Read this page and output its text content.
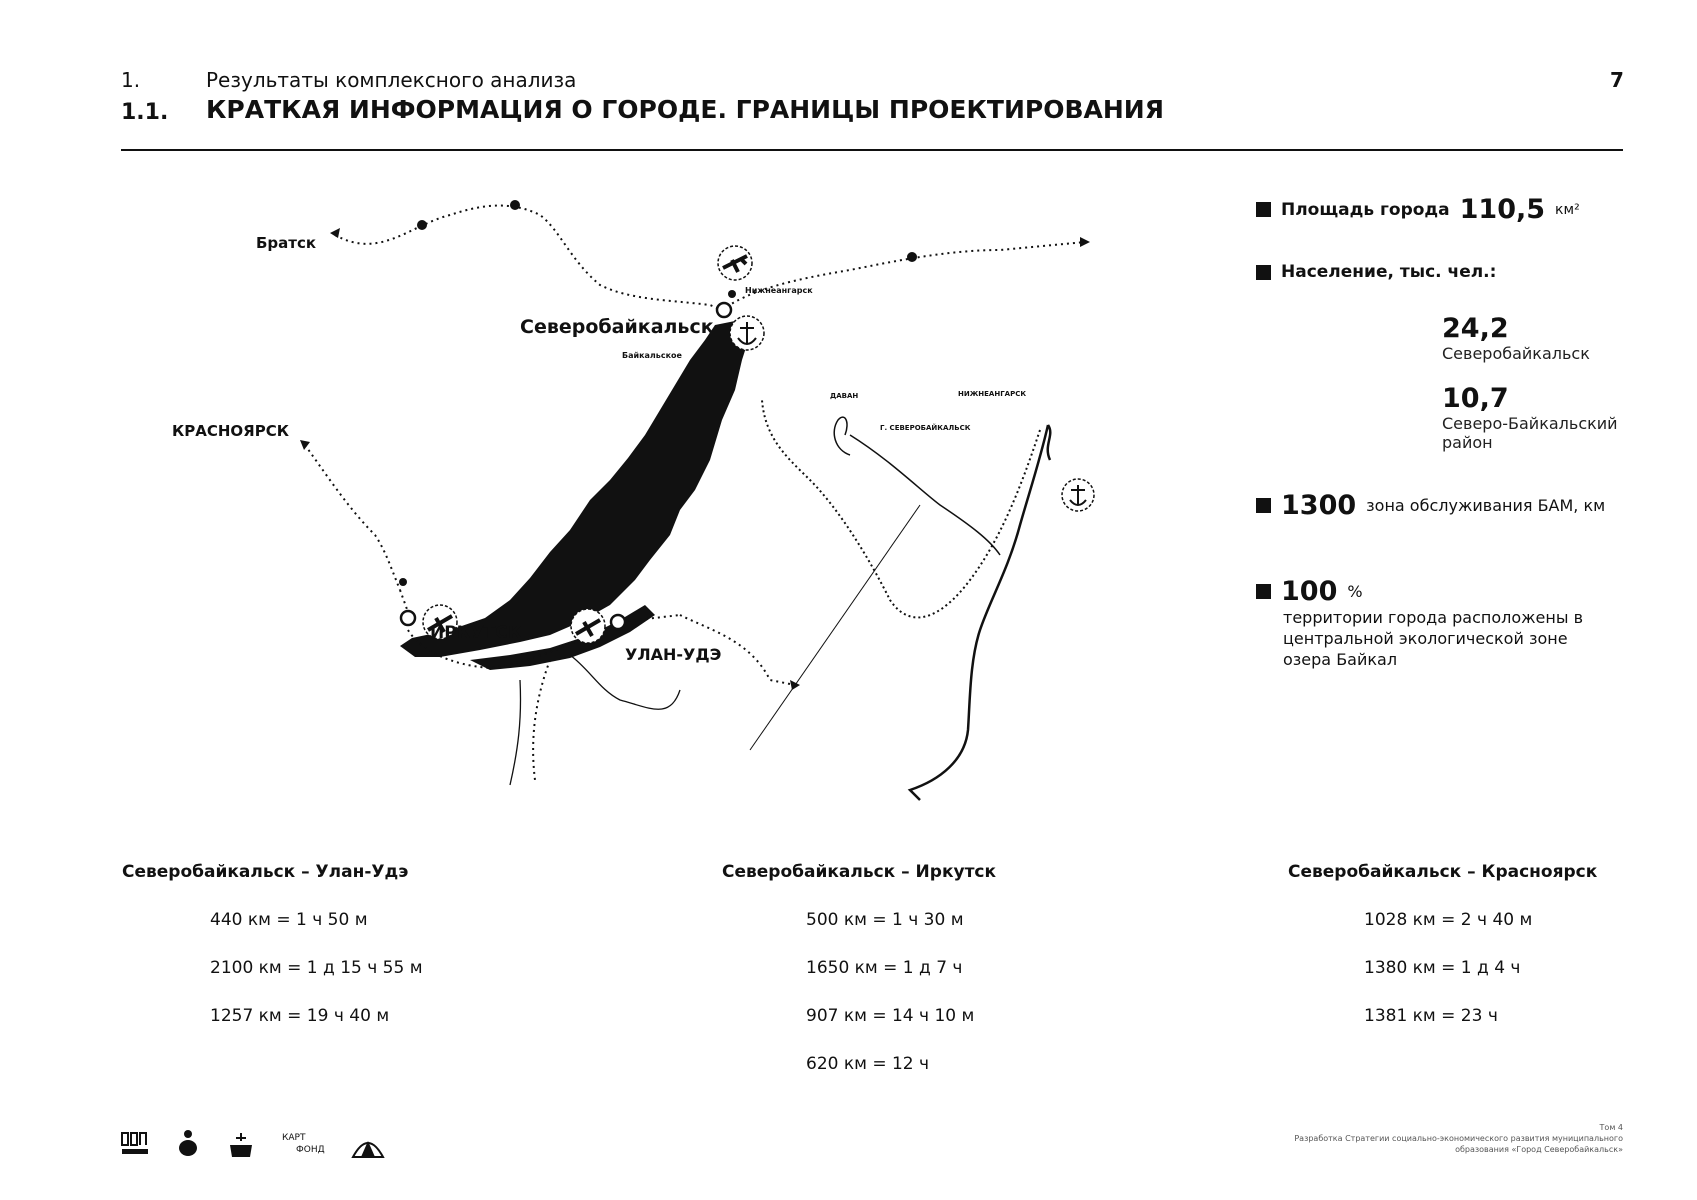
1.	Результаты комплексного анализа
1.1. КРАТКАЯ ИНФОРМАЦИЯ О ГОРОДЕ. ГРАНИЦЫ ПРОЕКТИРОВАНИЯ
7
Братск
Северобайкальск
Нижнеангарск
Байкальское
КРАСНОЯРСК
ИРКУТСК
УЛАН-УДЭ
ДАВАН	НИЖНЕАНГАРСК
Г. СЕВЕРОБАЙКАЛЬСК
Площадь города 110,5 км²
Население, тыс. чел.:
24,2
Северобайкальск
10,7
Северо-Байкальский
район
1300 зона обслуживания БАМ, км
100 %
территории города расположены в
центральной экологической зоне
озера Байкал
Северобайкальск – Улан-Удэ
440 км = 1 ч 50 м
2100 км = 1 д 15 ч 55 м
1257 км = 19 ч 40 м
Северобайкальск – Иркутск
500 км = 1 ч 30 м
1650 км = 1 д 7 ч
907 км = 14 ч 10 м
620 км = 12 ч
Северобайкальск – Красноярск
1028 км = 2 ч 40 м
1380 км = 1 д 4 ч
1381 км = 23 ч
КАРТ
ФОНД
Том 4
Разработка Стратегии социально-экономического развития муниципального
образования «Город Северобайкальск»
